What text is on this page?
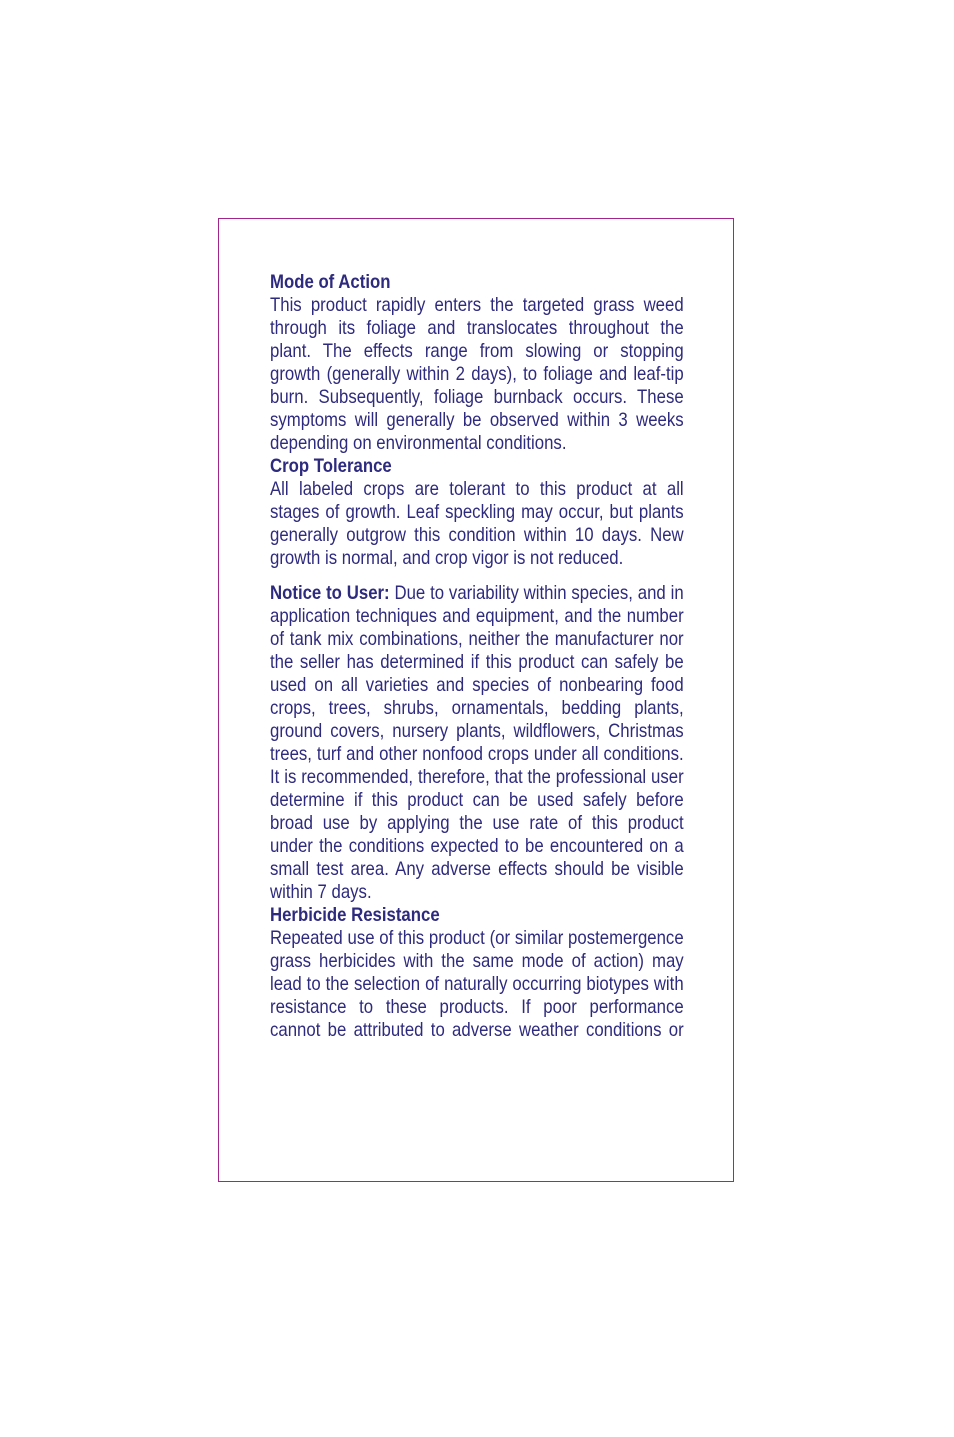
Mode of Action

This product rapidly enters the targeted grass weed through its foliage and translocates throughout the plant. The effects range from slowing or stopping growth (generally within 2 days), to foliage and leaf-tip burn. Subsequently, foliage burnback occurs. These symptoms will generally be observed within 3 weeks depending on environmental conditions.

Crop Tolerance

All labeled crops are tolerant to this product at all stages of growth. Leaf speckling may occur, but plants generally outgrow this condition within 10 days. New growth is normal, and crop vigor is not reduced.

Notice to User: Due to variability within species, and in application techniques and equipment, and the number of tank mix combinations, neither the manufacturer nor the seller has determined if this product can safely be used on all varieties and species of nonbearing food crops, trees, shrubs, ornamentals, bedding plants, ground covers, nursery plants, wildflowers, Christmas trees, turf and other nonfood crops under all conditions. It is recommended, therefore, that the professional user determine if this product can be used safely before broad use by applying the use rate of this product under the conditions expected to be encountered on a small test area. Any adverse effects should be visible within 7 days.

Herbicide Resistance

Repeated use of this product (or similar postemergence grass herbicides with the same mode of action) may lead to the selection of naturally occurring biotypes with resistance to these products. If poor performance cannot be attributed to adverse weather conditions or
